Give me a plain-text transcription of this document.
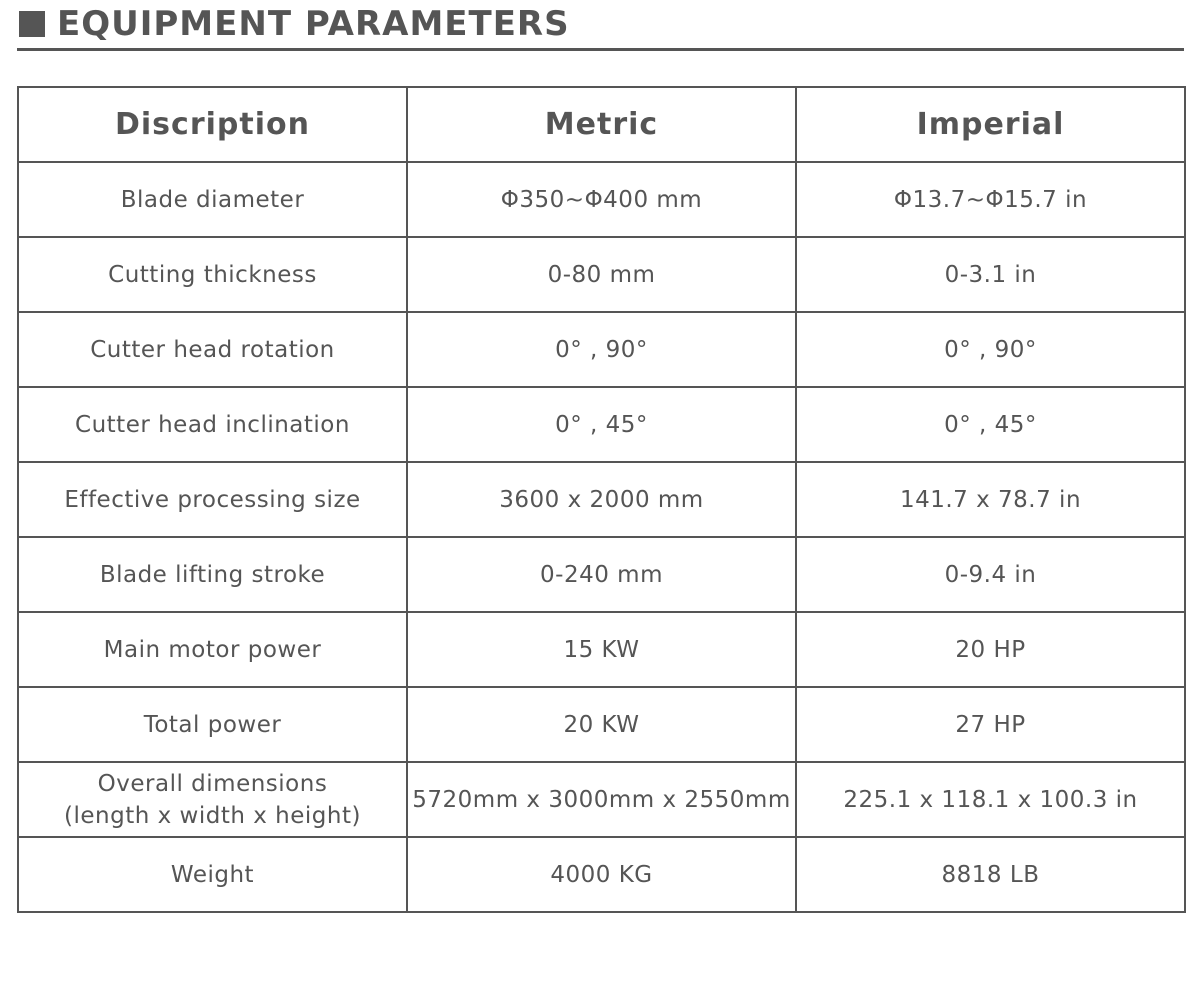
EQUIPMENT PARAMETERS
Discription	Metric	Imperial
Blade diameter	Φ350~Φ400 mm	Φ13.7~Φ15.7 in
Cutting thickness	0-80 mm	0-3.1 in
Cutter head rotation	0° , 90°	0° , 90°
Cutter head inclination	0° , 45°	0° , 45°
Effective processing size	3600 x 2000 mm	141.7 x 78.7 in
Blade lifting stroke	0-240 mm	0-9.4 in
Main motor power	15 KW	20 HP
Total power	20 KW	27 HP

Overall dimensions
(length x width x height)	5720mm x 3000mm x 2550mm	225.1 x 118.1 x 100.3 in
Weight	4000 KG	8818 LB
